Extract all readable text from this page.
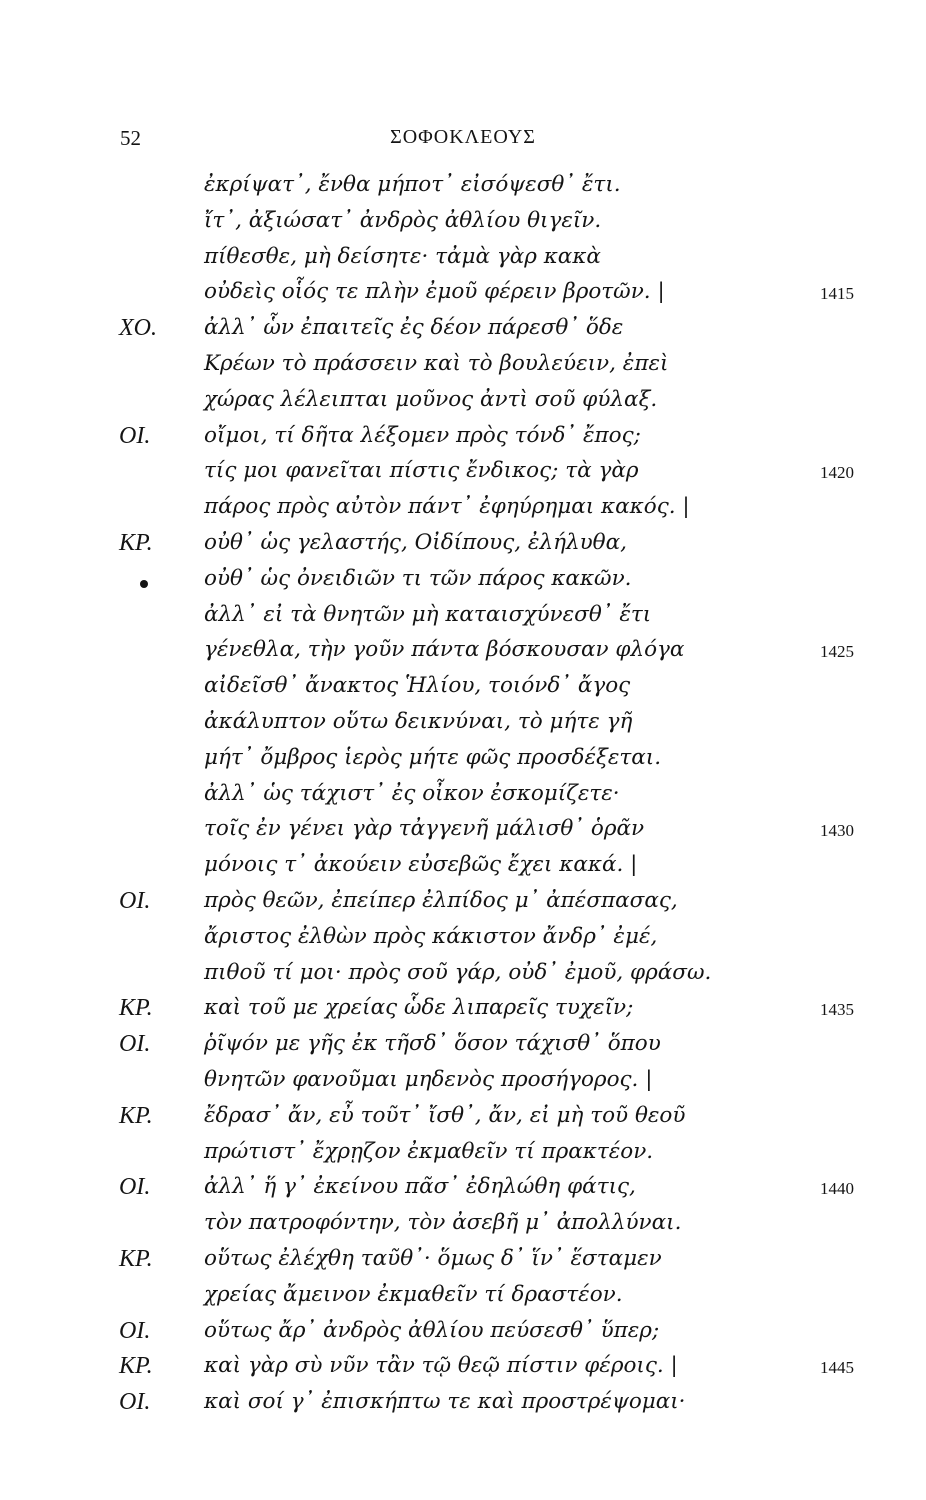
52	ΣΟΦΟΚΛΕΟΥΣ
ἐκρίψατ᾽, ἔνθα μήποτ᾽ εἰσόψεσθ᾽ ἔτι.
ἴτ᾽, ἀξιώσατ᾽ ἀνδρὸς ἀθλίου θιγεῖν.
πίθεσθε, μὴ δείσητε· τἀμὰ γὰρ κακὰ
οὐδεὶς οἷός τε πλὴν ἐμοῦ φέρειν βροτῶν. |	1415
ΧΟ. ἀλλ᾽ ὧν ἐπαιτεῖς ἐς δέον πάρεσθ᾽ ὅδε
Κρέων τὸ πράσσειν καὶ τὸ βουλεύειν, ἐπεὶ
χώρας λέλειπται μοῦνος ἀντὶ σοῦ φύλαξ.
ΟΙ. οἴμοι, τί δῆτα λέξομεν πρὸς τόνδ᾽ ἔπος;
τίς μοι φανεῖται πίστις ἔνδικος; τὰ γὰρ	1420
πάρος πρὸς αὐτὸν πάντ᾽ ἐφηύρημαι κακός. |
ΚΡ. οὐθ᾽ ὡς γελαστής, Οἰδίπους, ἐλήλυθα,
οὐθ᾽ ὡς ὀνειδιῶν τι τῶν πάρος κακῶν.
ἀλλ᾽ εἰ τὰ θνητῶν μὴ καταισχύνεσθ᾽ ἔτι
γένεθλα, τὴν γοῦν πάντα βόσκουσαν φλόγα	1425
αἰδεῖσθ᾽ ἄνακτος Ἡλίου, τοιόνδ᾽ ἄγος
ἀκάλυπτον οὕτω δεικνύναι, τὸ μήτε γῆ
μήτ᾽ ὄμβρος ἱερὸς μήτε φῶς προσδέξεται.
ἀλλ᾽ ὡς τάχιστ᾽ ἐς οἶκον ἐσκομίζετε·
τοῖς ἐν γένει γὰρ τἀγγενῆ μάλισθ᾽ ὁρᾶν	1430
μόνοις τ᾽ ἀκούειν εὐσεβῶς ἔχει κακά. |
ΟΙ. πρὸς θεῶν, ἐπείπερ ἐλπίδος μ᾽ ἀπέσπασας,
ἄριστος ἐλθὼν πρὸς κάκιστον ἄνδρ᾽ ἐμέ,
πιθοῦ τί μοι· πρὸς σοῦ γάρ, οὐδ᾽ ἐμοῦ, φράσω.
ΚΡ. καὶ τοῦ με χρείας ὧδε λιπαρεῖς τυχεῖν;	1435
ΟΙ. ῥῖψόν με γῆς ἐκ τῆσδ᾽ ὅσον τάχισθ᾽ ὅπου
θνητῶν φανοῦμαι μηδενὸς προσήγορος. |
ΚΡ. ἔδρασ᾽ ἄν, εὖ τοῦτ᾽ ἴσθ᾽, ἄν, εἰ μὴ τοῦ θεοῦ
πρώτιστ᾽ ἔχρῃζον ἐκμαθεῖν τί πρακτέον.
ΟΙ. ἀλλ᾽ ἥ γ᾽ ἐκείνου πᾶσ᾽ ἐδηλώθη φάτις,	1440
τὸν πατροφόντην, τὸν ἀσεβῆ μ᾽ ἀπολλύναι.
ΚΡ. οὕτως ἐλέχθη ταῦθ᾽· ὅμως δ᾽ ἵν᾽ ἕσταμεν
χρείας ἄμεινον ἐκμαθεῖν τί δραστέον.
ΟΙ. οὕτως ἄρ᾽ ἀνδρὸς ἀθλίου πεύσεσθ᾽ ὕπερ;
ΚΡ. καὶ γὰρ σὺ νῦν τἂν τῷ θεῷ πίστιν φέροις. |	1445
ΟΙ. καὶ σοί γ᾽ ἐπισκήπτω τε καὶ προστρέψομαι·
